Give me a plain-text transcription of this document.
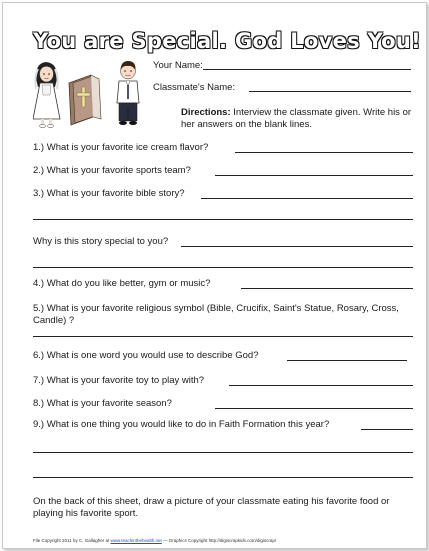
You are Special. God Loves You!
Your Name:
Classmate's Name:
Directions: Interview the classmate given. Write his or her answers on the blank lines.
1.) What is your favorite ice cream flavor?
2.) What is your favorite sports team?
3.) What is your favorite bible story?
Why is this story special to you?
4.) What do you like better, gym or music?
5.) What is your favorite religious symbol (Bible, Crucifix, Saint's Statue, Rosary, Cross, Candle) ?
6.) What is one word you would use to describe God?
7.) What is your favorite toy to play with?
8.) What is your favorite season?
9.) What is one thing you would like to do in Faith Formation this year?
On the back of this sheet, draw a picture of your classmate eating his favorite food or playing his favorite sport.
File Copyright 2011 by C. Gallagher at www.teachinthehealth.net — Graphics Copyright http://digiscrapkids.com/digiscrap/
